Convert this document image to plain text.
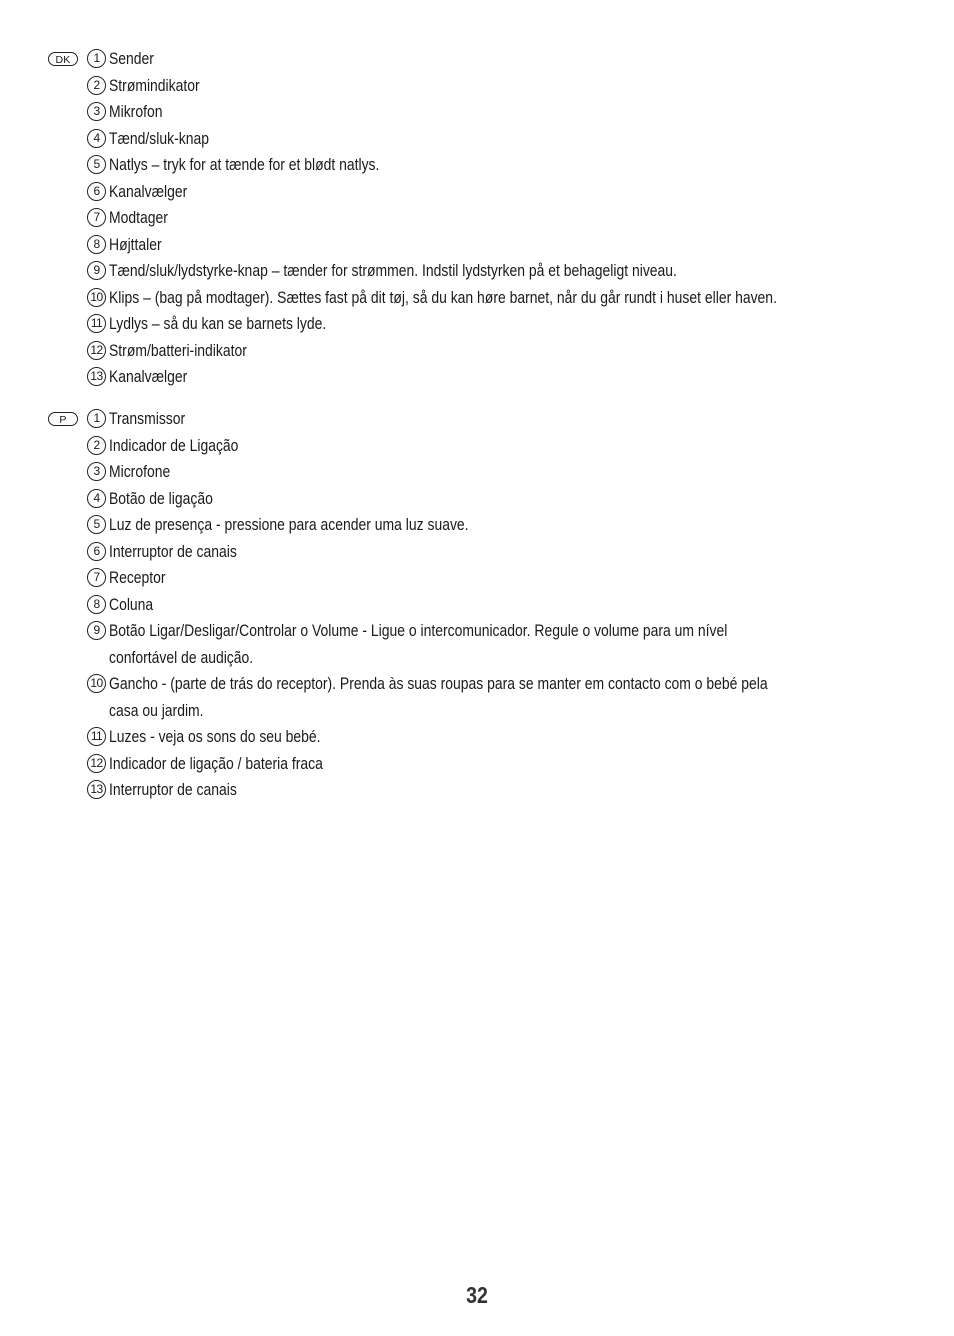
DK	1 Sender
2 Strømindikator
3 Mikrofon
4 Tænd/sluk-knap
5 Natlys – tryk for at tænde for et blødt natlys.
6 Kanalvælger
7 Modtager
8 Højttaler
9 Tænd/sluk/lydstyrke-knap – tænder for strømmen. Indstil lydstyrken på et behageligt niveau.
10 Klips – (bag på modtager). Sættes fast på dit tøj, så du kan høre barnet, når du går rundt i huset eller haven.
11 Lydlys – så du kan se barnets lyde.
12 Strøm/batteri-indikator
13 Kanalvælger
P	1 Transmissor
2 Indicador de Ligação
3 Microfone
4 Botão de ligação
5 Luz de presença - pressione para acender uma luz suave.
6 Interruptor de canais
7 Receptor
8 Coluna
9 Botão Ligar/Desligar/Controlar o Volume - Ligue o intercomunicador. Regule o volume para um nível
confortável de audição.
10 Gancho - (parte de trás do receptor). Prenda às suas roupas para se manter em contacto com o bebé pela
casa ou jardim.
11 Luzes - veja os sons do seu bebé.
12 Indicador de ligação / bateria fraca
13 Interruptor de canais
32
